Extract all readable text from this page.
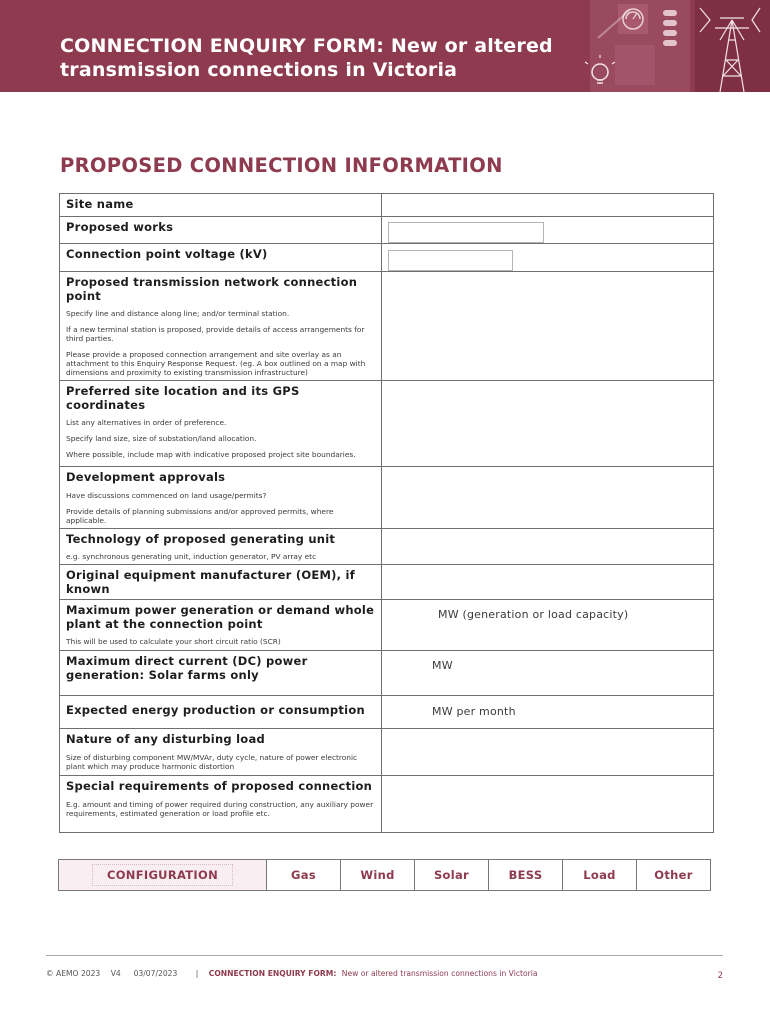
CONNECTION ENQUIRY FORM: New or altered
transmission connections in Victoria
PROPOSED CONNECTION INFORMATION
Site name	

Proposed works	

Connection point voltage (kV)	

Proposed transmission network connection point
Specify line and distance along line; and/or terminal station.
If a new terminal station is proposed, provide details of access arrangements for third parties.
Please provide a proposed connection arrangement and site overlay as an attachment to this Enquiry Response Request. (eg. A box outlined on a map with dimensions and proximity to existing transmission infrastructure)	

Preferred site location and its GPS coordinates
List any alternatives in order of preference.
Specify land size, size of substation/land allocation.
Where possible, include map with indicative proposed project site boundaries.	

Development approvals
Have discussions commenced on land usage/permits?
Provide details of planning submissions and/or approved permits, where applicable.	

Technology of proposed generating unit
e.g. synchronous generating unit, induction generator, PV array etc	

Original equipment manufacturer (OEM), if known	

Maximum power generation or demand whole plant at the connection point
This will be used to calculate your short circuit ratio (SCR)	MW (generation or load capacity)

Maximum direct current (DC) power generation: Solar farms only	MW

Expected energy production or consumption	MW per month

Nature of any disturbing load
Size of disturbing component MW/MVAr, duty cycle, nature of power electronic plant which may produce harmonic distortion	

Special requirements of proposed connection
E.g. amount and timing of power required during construction, any auxiliary power requirements, estimated generation or load profile etc.	

CONFIGURATION	Gas	Wind	Solar	BESS	Load	Other
© AEMO 2023 V4 03/07/2023 | CONNECTION ENQUIRY FORM: New or altered transmission connections in Victoria	2
